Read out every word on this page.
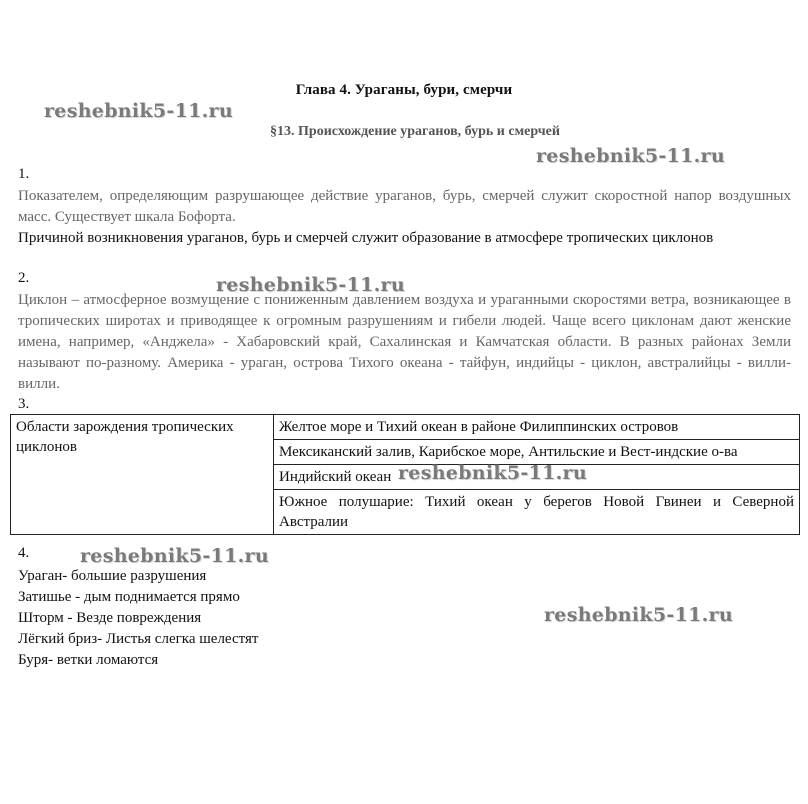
Глава 4. Ураганы, бури, смерчи
§13. Происхождение ураганов, бурь и смерчей
1.
Показателем, определяющим разрушающее действие ураганов, бурь, смерчей служит скоростной напор воздушных масс. Существует шкала Бофорта.
Причиной возникновения ураганов, бурь и смерчей служит образование в атмосфере тропических циклонов
2.
Циклон – атмосферное возмущение с пониженным давлением воздуха и ураганными скоростями ветра, возникающее в тропических широтах и приводящее к огромным разрушениям и гибели людей. Чаще всего циклонам дают женские имена, например, «Анджела» - Хабаровский край, Сахалинская и Камчатская области. В разных районах Земли называют по-разному. Америка - ураган, острова Тихого океана - тайфун, индийцы - циклон, австралийцы - вилли-вилли.
3.
Области зарождения тропических циклонов	Желтое море и Тихий океан в районе Филиппинских островов
Мексиканский залив, Карибское море, Антильские и Вест-индские о-ва
Индийский океан
Южное полушарие: Тихий океан у берегов Новой Гвинеи и Северной Австралии
4.
Ураган- большие разрушения
Затишье - дым поднимается прямо
Шторм - Везде повреждения
Лёгкий бриз- Листья слегка шелестят
Буря- ветки ломаются
reshebnik5-11.ru
reshebnik5-11.ru
reshebnik5-11.ru
reshebnik5-11.ru
reshebnik5-11.ru
reshebnik5-11.ru
